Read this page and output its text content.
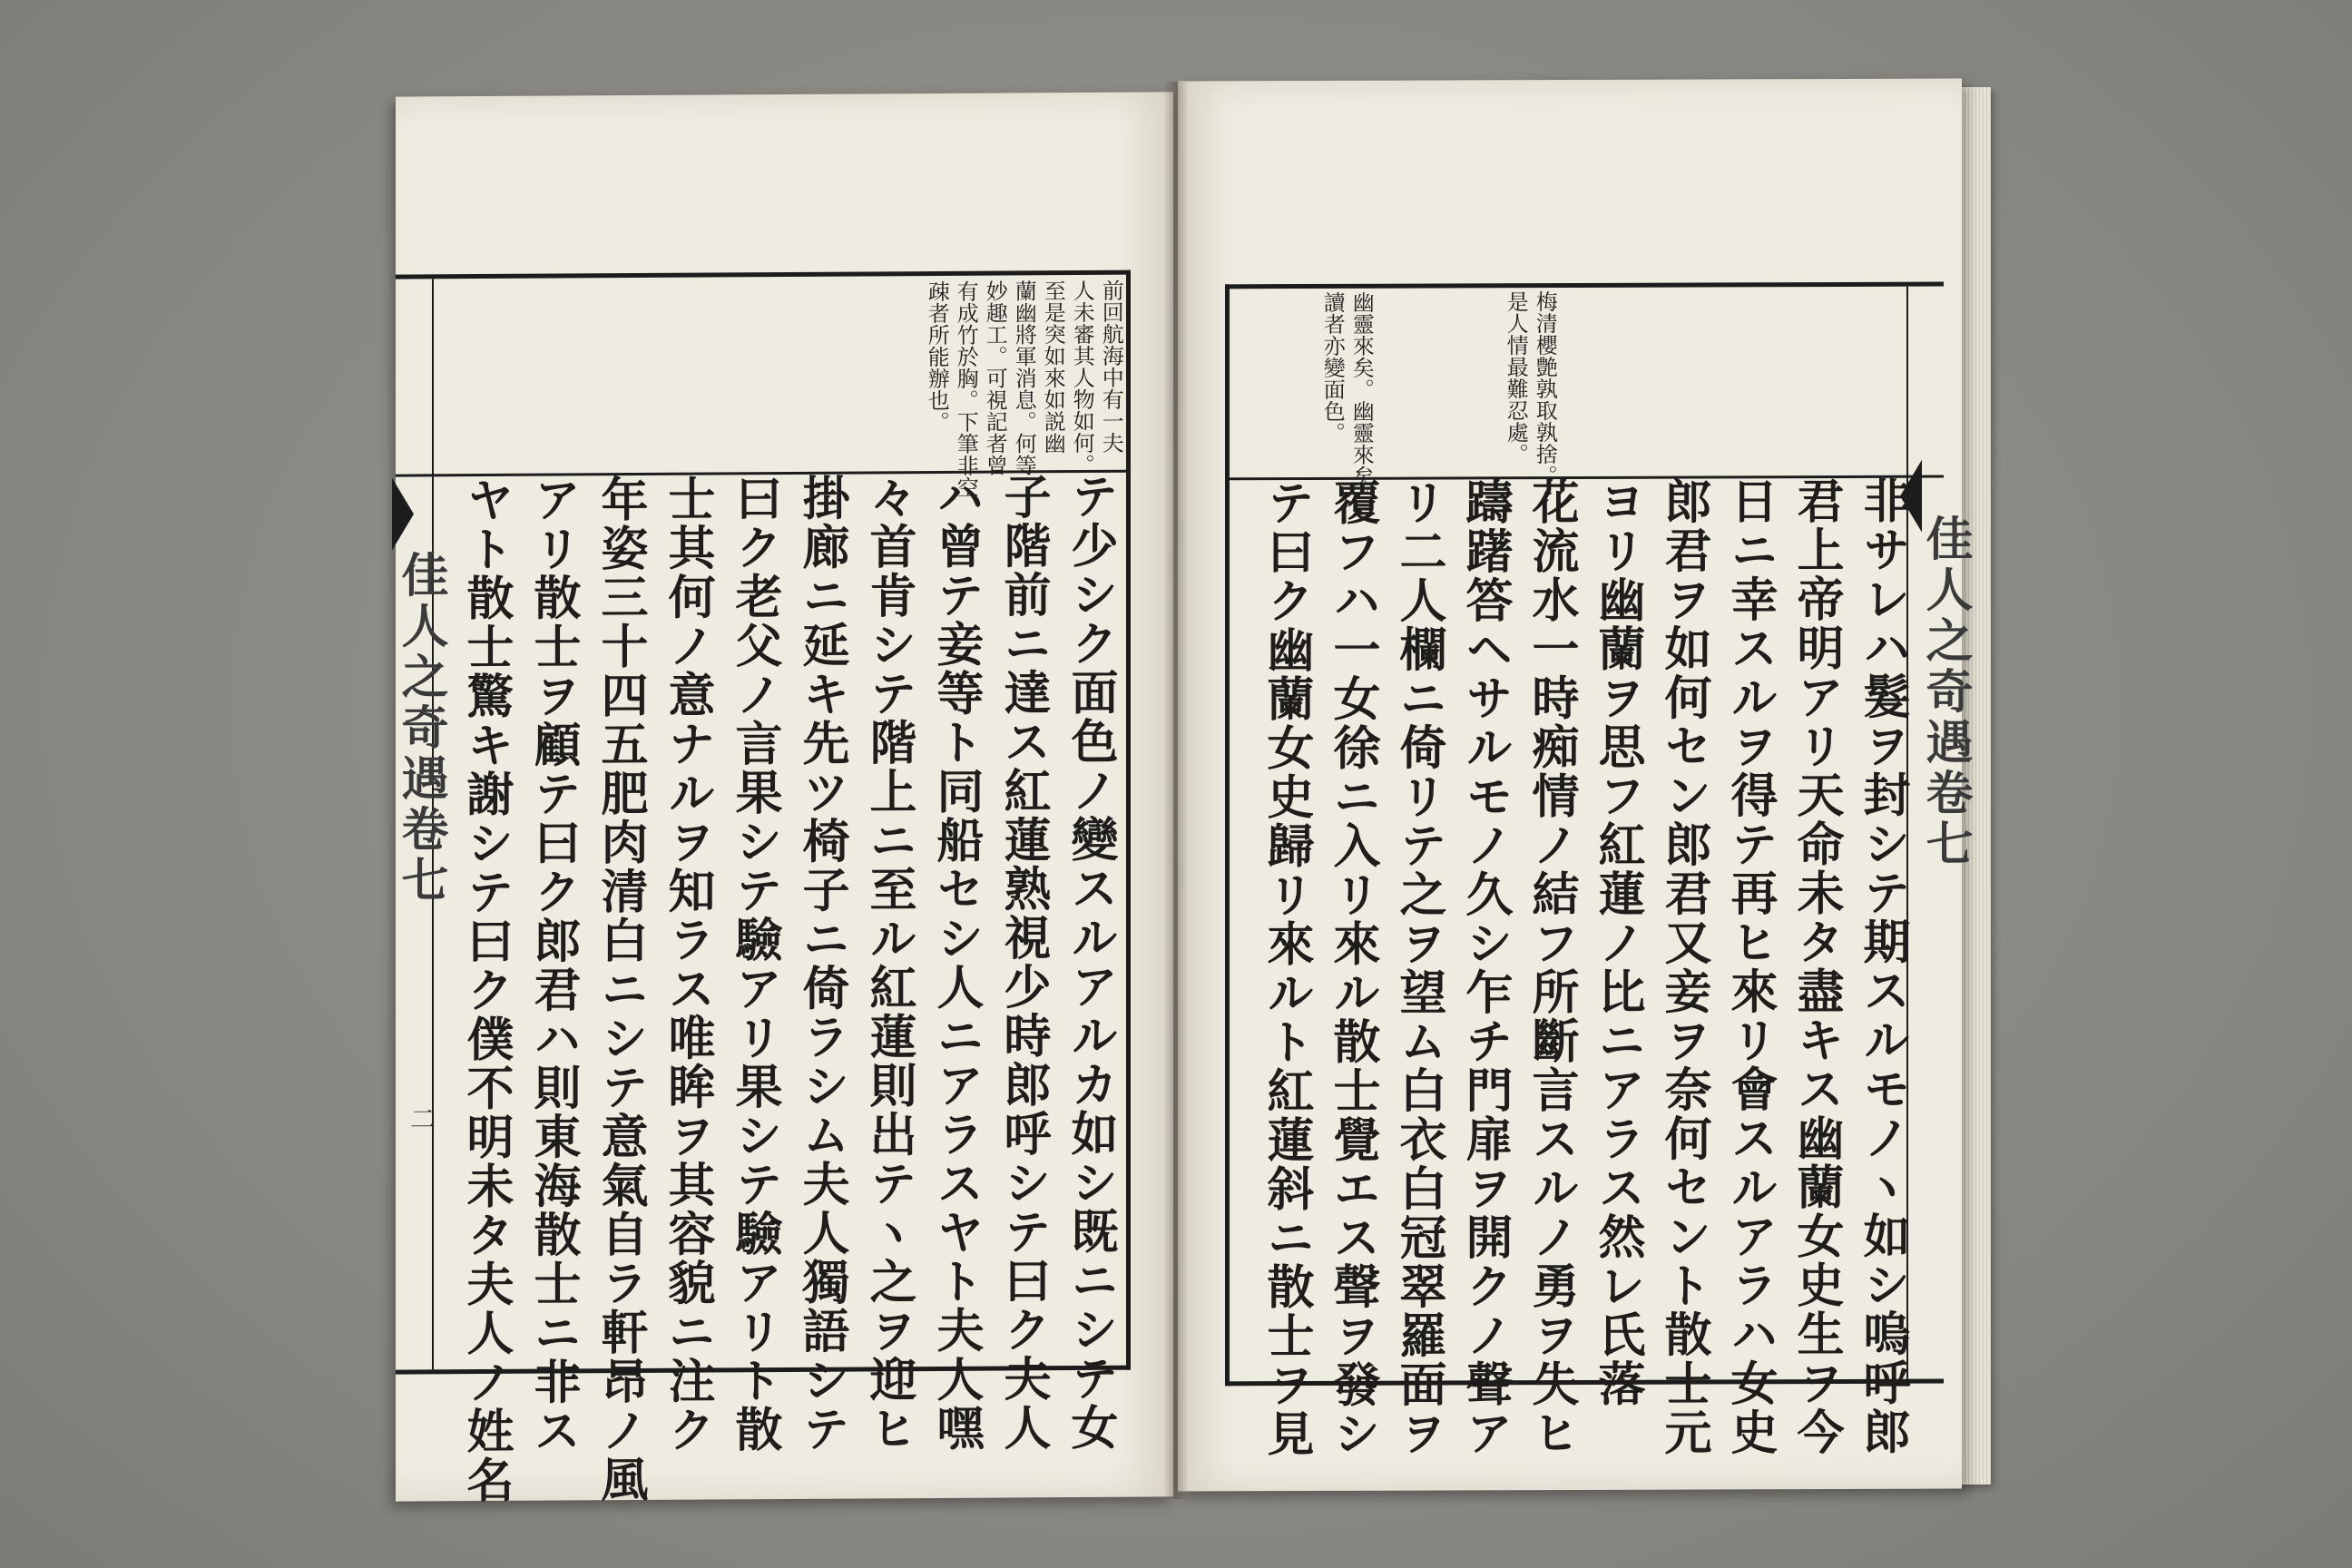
佳人之奇遇卷七
二
前回航海中有一夫
人未審其人物如何。
至是突如來如説幽
蘭幽將軍消息。何等
妙趣工。可視記者曾
有成竹於胸。下筆非空
疎者所能辦也。
テ少シク面色ノ變スルアルカ如シ既ニシテ女
子階前ニ達ス紅蓮熟視少時郎呼シテ曰ク夫人
ハ曾テ妾等ト同船セシ人ニアラスヤト夫人嘿
々首肯シテ階上ニ至ル紅蓮則出テヽ之ヲ迎ヒ
掛廊ニ延キ先ツ椅子ニ倚ラシム夫人獨語シテ
曰ク老父ノ言果シテ驗アリ果シテ驗アリト散
士其何ノ意ナルヲ知ラス唯眸ヲ其容貌ニ注ク
年姿三十四五肥肉清白ニシテ意氣自ラ軒昂ノ風
アリ散士ヲ顧テ曰ク郎君ハ則東海散士ニ非ス
ヤト散士驚キ謝シテ曰ク僕不明未タ夫人ノ姓名	佳人之奇遇卷七
梅清櫻艶孰取孰捨。
是人情最難忍處。
幽靈來矣。幽靈來矣。
讀者亦變面色。
非サレハ髮ヲ封シテ期スルモノヽ如シ嗚呼郎
君上帝明アリ天命未タ盡キス幽蘭女史生ヲ今
日ニ幸スルヲ得テ再ヒ來リ會スルアラハ女史
郎君ヲ如何セン郎君又妾ヲ奈何セント散士元
ヨリ幽蘭ヲ思フ紅蓮ノ比ニアラス然レ氏落
花流水一時痴情ノ結フ所斷言スルノ勇ヲ失ヒ
躊躇答ヘサルモノ久シ乍チ門扉ヲ開クノ聲ア
リ二人欄ニ倚リテ之ヲ望ム白衣白冠翠羅面ヲ
覆フハ一女徐ニ入リ來ル散士覺エス聲ヲ發シ
テ曰ク幽蘭女史歸リ來ルト紅蓮斜ニ散士ヲ見
